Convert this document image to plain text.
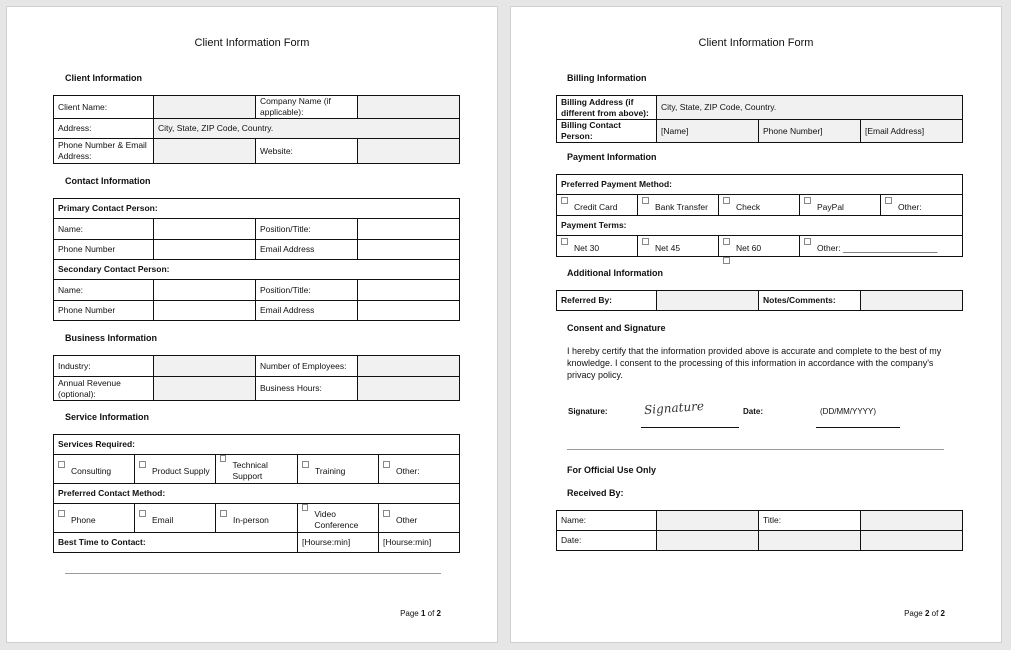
Client Information Form
Client Information
Client Name:		Company Name (if applicable):	
Address:	City, State, ZIP Code, Country.		
Phone Number & Email Address:		Website:	
Contact Information
Primary Contact Person:			
Name:		Position/Title:	
Phone Number		Email Address	
Secondary Contact Person:			
Name:		Position/Title:	
Phone Number		Email Address	
Business Information
Industry:		Number of Employees:	
Annual Revenue (optional):		Business Hours:	
Service Information
Services Required:				

Consulting	Product Supply	Technical Support	Training	Other:

Preferred Contact Method:				

Phone	Email	In-person	Video Conference	Other

Best Time to Contact:			[Hourse:min]	[Hourse:min]
Page 1 of 2
Client Information Form
Billing Information
Billing Address (if different from above):	City, State, ZIP Code, Country.		
Billing Contact Person:	[Name]	Phone Number]	[Email Address]
Payment Information
Preferred Payment Method:				

Credit Card	Bank Transfer	Check	PayPal	Other:

Payment Terms:				

Net 30	Net 45	Net 60	Other: ____________________	
Additional Information
Referred By:		Notes/Comments:	
Consent and Signature
I hereby certify that the information provided above is accurate and complete to the best of my knowledge. I consent to the processing of this information in accordance with the company's privacy policy.
Signature:	Signature	Date:	(DD/MM/YYYY)
For Official Use Only
Received By:
Name:		Title:	
Date:			
Page 2 of 2
